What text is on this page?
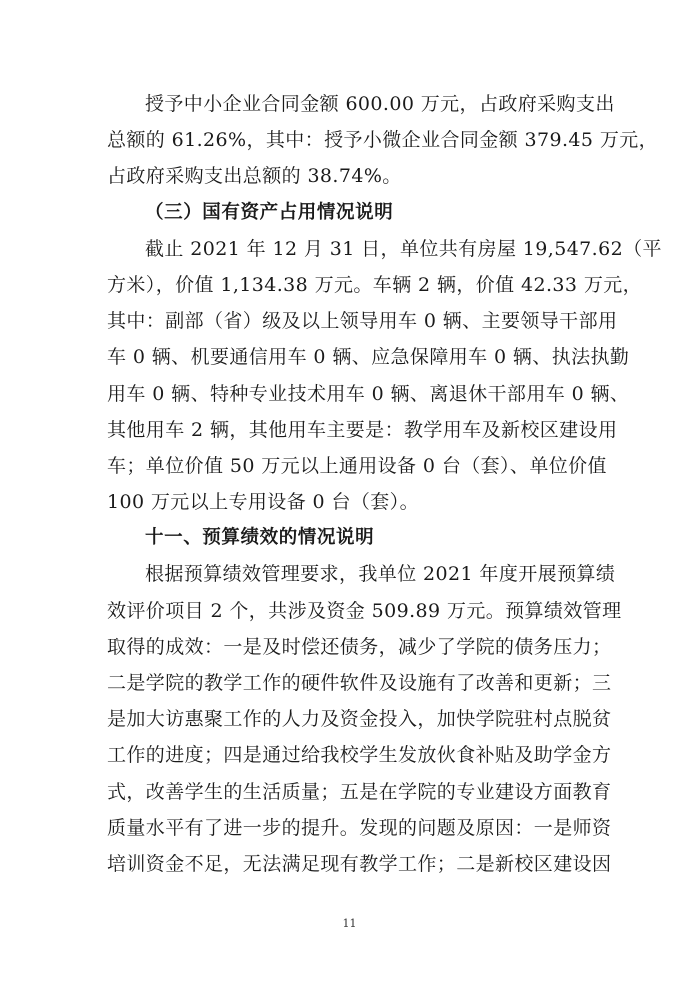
授予中小企业合同金额 600.00 万元，占政府采购支出

总额的 61.26%，其中：授予小微企业合同金额 379.45 万元，

占政府采购支出总额的 38.74%。

（三）国有资产占用情况说明

截止 2021 年 12 月 31 日，单位共有房屋 19,547.62（平

方米），价值 1,134.38 万元。车辆 2 辆，价值 42.33 万元，

其中：副部（省）级及以上领导用车 0 辆、主要领导干部用

车 0 辆、机要通信用车 0 辆、应急保障用车 0 辆、执法执勤

用车 0 辆、特种专业技术用车 0 辆、离退休干部用车 0 辆、

其他用车 2 辆，其他用车主要是：教学用车及新校区建设用

车；单位价值 50 万元以上通用设备 0 台（套）、单位价值

100 万元以上专用设备 0 台（套）。

十一、预算绩效的情况说明

根据预算绩效管理要求，我单位 2021 年度开展预算绩

效评价项目 2 个，共涉及资金 509.89 万元。预算绩效管理

取得的成效：一是及时偿还债务，减少了学院的债务压力；

二是学院的教学工作的硬件软件及设施有了改善和更新；三

是加大访惠聚工作的人力及资金投入，加快学院驻村点脱贫

工作的进度；四是通过给我校学生发放伙食补贴及助学金方

式，改善学生的生活质量；五是在学院的专业建设方面教育

质量水平有了进一步的提升。发现的问题及原因：一是师资

培训资金不足，无法满足现有教学工作；二是新校区建设因

11
